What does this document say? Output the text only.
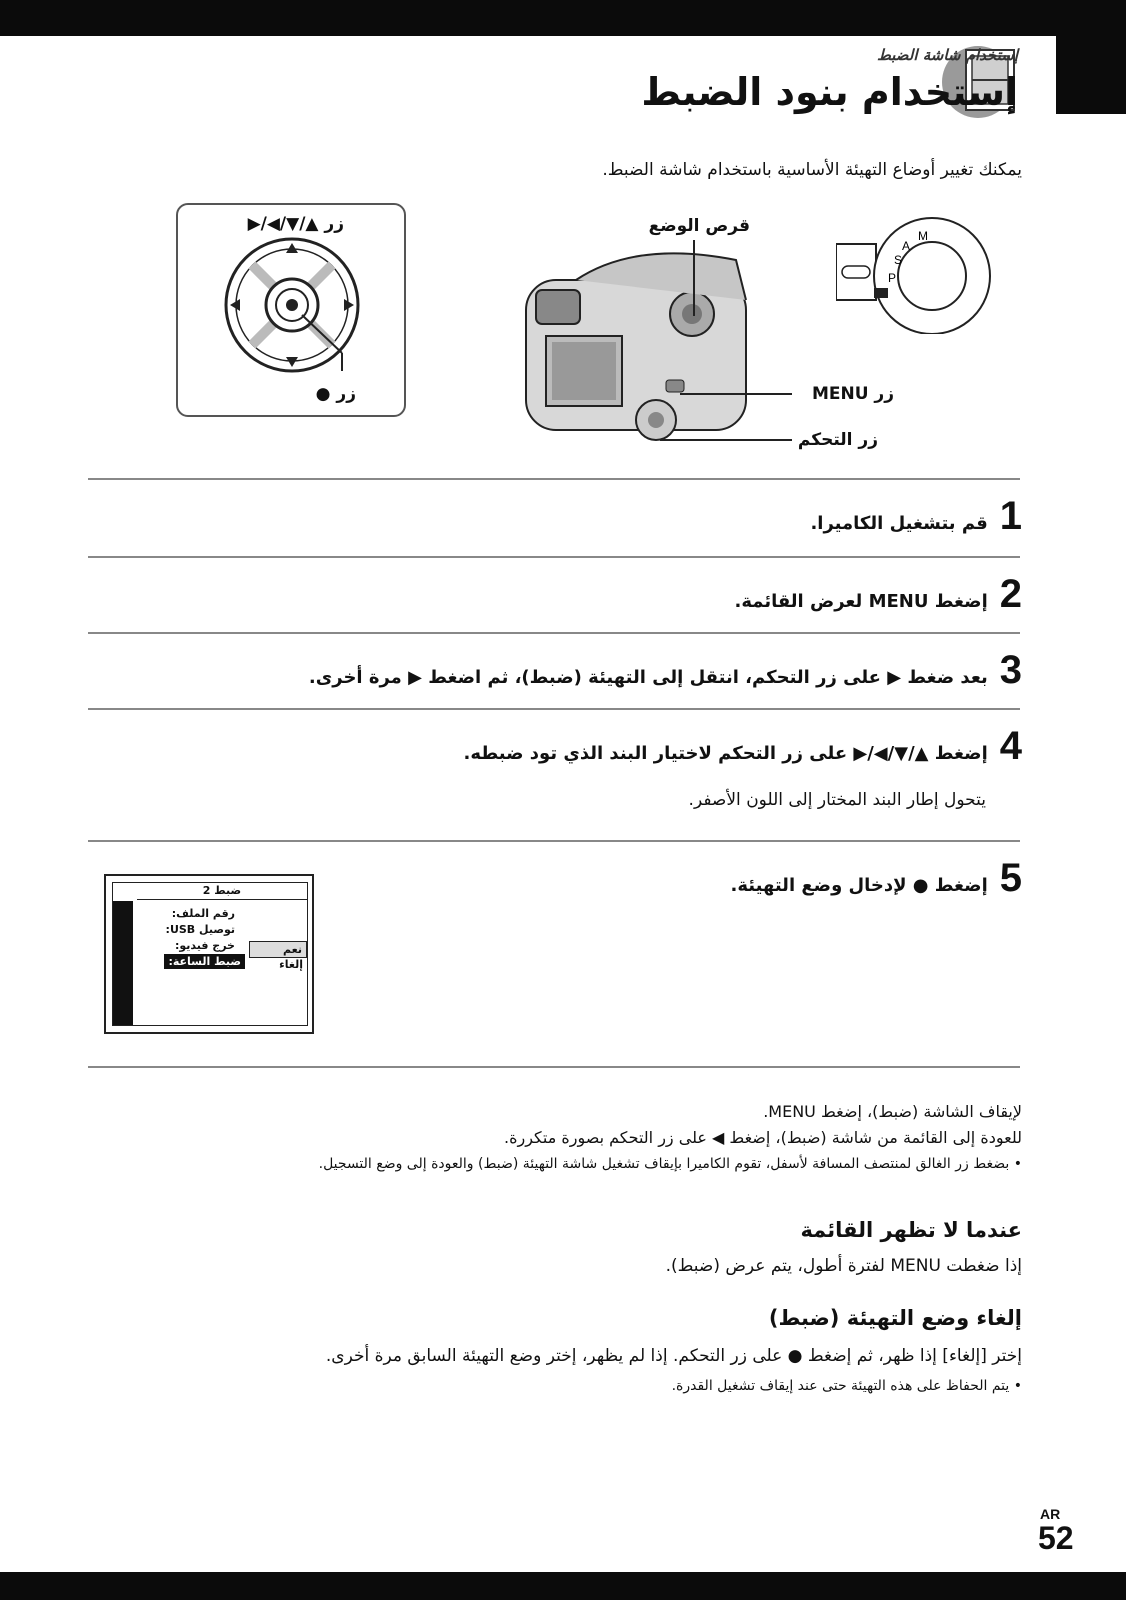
إستخدام شاشة الضبط
إستخدام بنود الضبط
يمكنك تغيير أوضاع التهيئة الأساسية باستخدام شاشة الضبط.
زر ▲/▼/◀/▶
زر ●
قرص الوضع
زر MENU
زر التحكم
P
S
A
M
1
قم بتشغيل الكاميرا.
2
إضغط MENU لعرض القائمة.
3
بعد ضغط ▶ على زر التحكم، انتقل إلى التهيئة (ضبط)، ثم اضغط ▶ مرة أخرى.
4
إضغط ▲/▼/◀/▶ على زر التحكم لاختيار البند الذي تود ضبطه.
يتحول إطار البند المختار إلى اللون الأصفر.
5
إضغط ● لإدخال وضع التهيئة.
ضبط 2
رقم الملف:
توصيل USB:
خرج فيديو:
ضبط الساعة:
نعم
إلغاء
لإيقاف الشاشة (ضبط)، إضغط MENU.
للعودة إلى القائمة من شاشة (ضبط)، إضغط ◀ على زر التحكم بصورة متكررة.
• بضغط زر الغالق لمنتصف المسافة لأسفل، تقوم الكاميرا بإيقاف تشغيل شاشة التهيئة (ضبط) والعودة إلى وضع التسجيل.
عندما لا تظهر القائمة
إذا ضغطت MENU لفترة أطول، يتم عرض (ضبط).
إلغاء وضع التهيئة (ضبط)
إختر [إلغاء] إذا ظهر، ثم إضغط ● على زر التحكم. إذا لم يظهر، إختر وضع التهيئة السابق مرة أخرى.
• يتم الحفاظ على هذه التهيئة حتى عند إيقاف تشغيل القدرة.
AR
52
